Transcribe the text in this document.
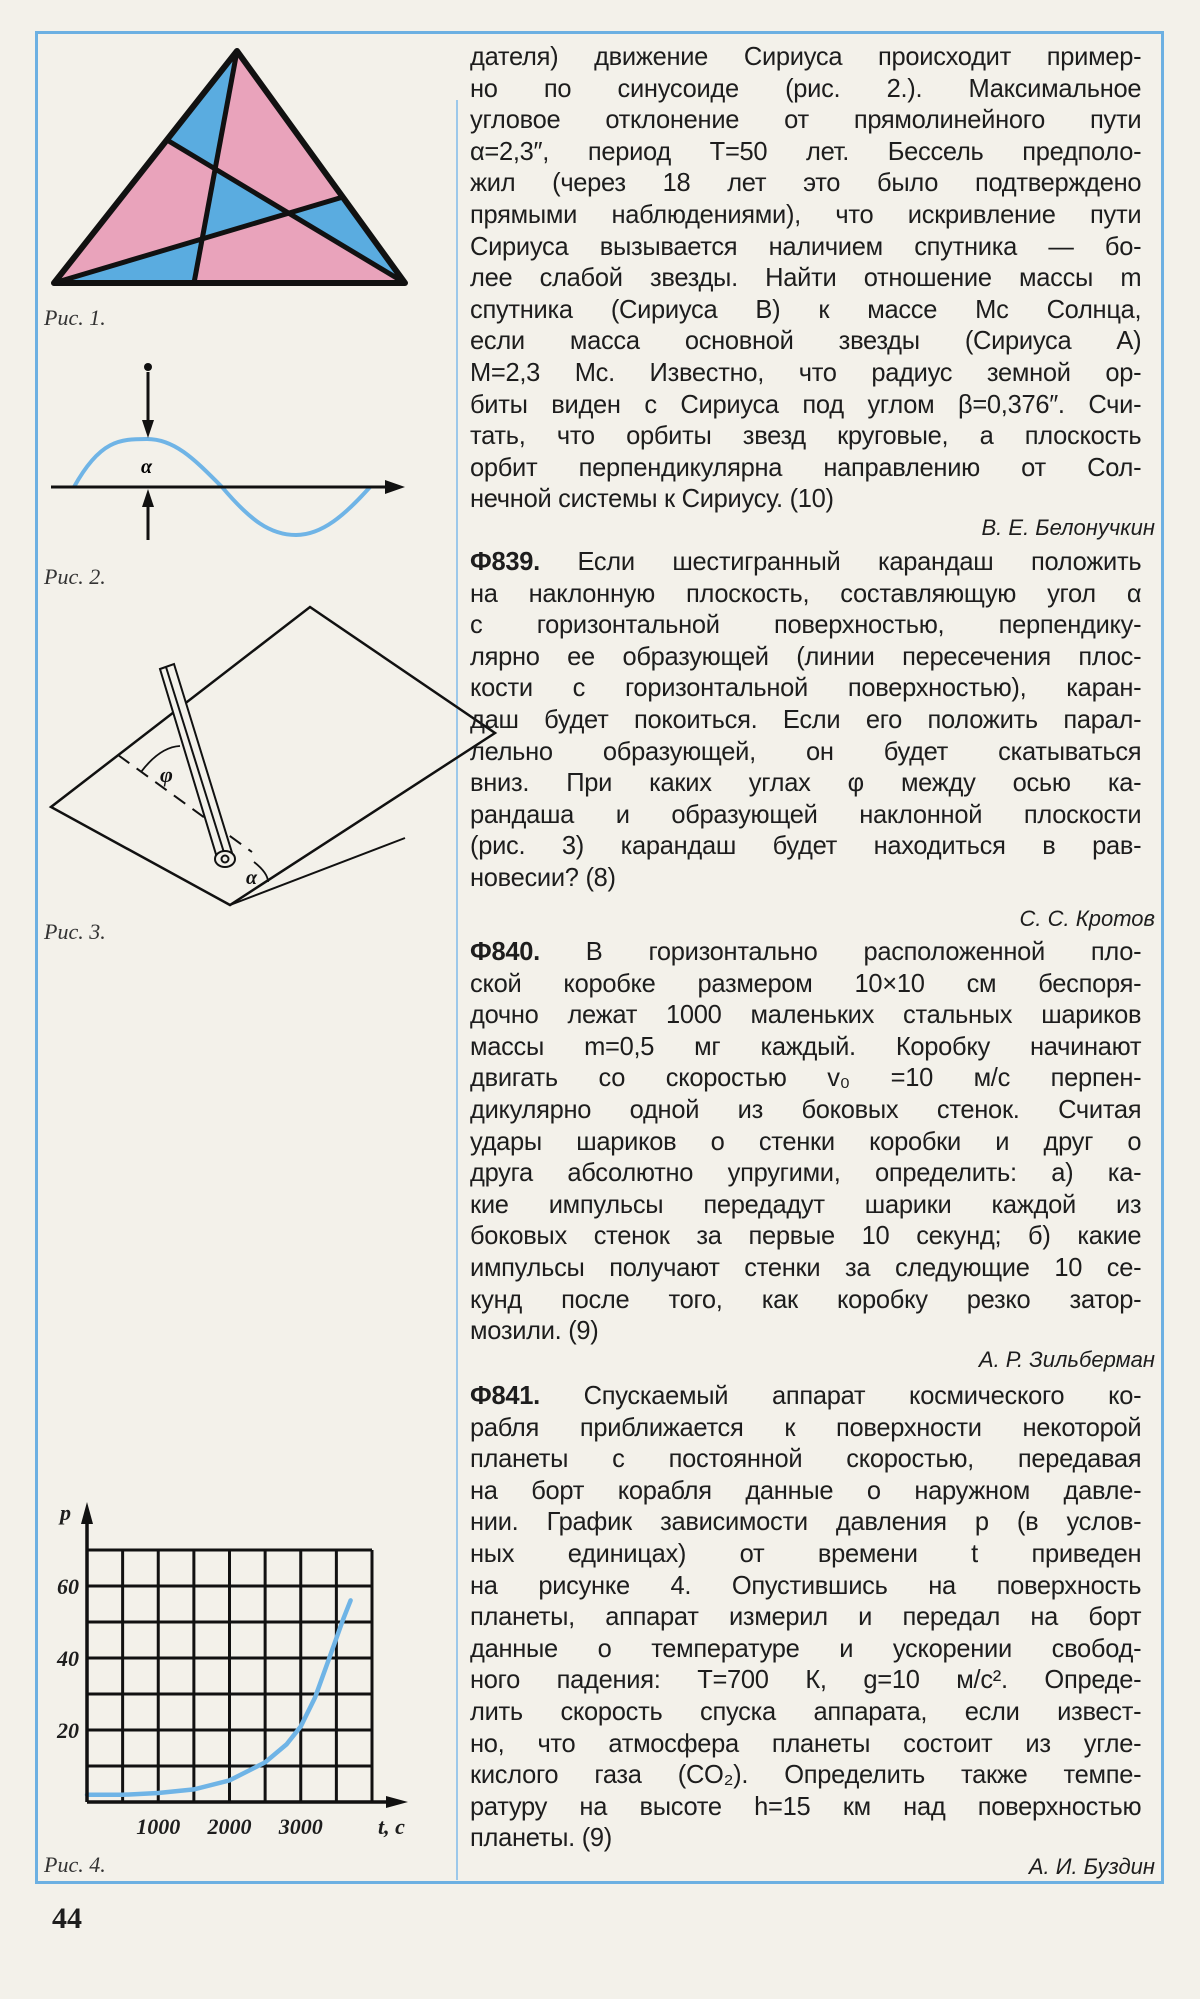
α
φ
α
p
t, c
1000 2000 3000
20
40
60
Рис. 1.
Рис. 2.
Рис. 3.
Рис. 4.
дателя) движение Сириуса происходит пример-
но по синусоиде (рис. 2.). Максимальное
угловое отклонение от прямолинейного пути
α=2,3″, период T=50 лет. Бессель предполо-
жил (через 18 лет это было подтверждено
прямыми наблюдениями), что искривление пути
Сириуса вызывается наличием спутника — бо-
лее слабой звезды. Найти отношение массы m
спутника (Сириуса B) к массе Mс Солнца,
если масса основной звезды (Сириуса A)
M=2,3 Mс. Известно, что радиус земной ор-
биты виден с Сириуса под углом β=0,376″. Счи-
тать, что орбиты звезд круговые, а плоскость
орбит перпендикулярна направлению от Сол-
нечной системы к Сириусу. (10)
В. Е. Белонучкин
Ф839. Если шестигранный карандаш положить
на наклонную плоскость, составляющую угол α
с горизонтальной поверхностью, перпендику-
лярно ее образующей (линии пересечения плос-
кости с горизонтальной поверхностью), каран-
даш будет покоиться. Если его положить парал-
лельно образующей, он будет скатываться
вниз. При каких углах φ между осью ка-
рандаша и образующей наклонной плоскости
(рис. 3) карандаш будет находиться в рав-
новесии? (8)
С. С. Кротов
Ф840. В горизонтально расположенной пло-
ской коробке размером 10×10 см беспоря-
дочно лежат 1000 маленьких стальных шариков
массы m=0,5 мг каждый. Коробку начинают
двигать со скоростью v₀ =10 м/с перпен-
дикулярно одной из боковых стенок. Считая
удары шариков о стенки коробки и друг о
друга абсолютно упругими, определить: а) ка-
кие импульсы передадут шарики каждой из
боковых стенок за первые 10 секунд; б) какие
импульсы получают стенки за следующие 10 се-
кунд после того, как коробку резко затор-
мозили. (9)
А. Р. Зильберман
Ф841. Спускаемый аппарат космического ко-
рабля приближается к поверхности некоторой
планеты с постоянной скоростью, передавая
на борт корабля данные о наружном давле-
нии. График зависимости давления p (в услов-
ных единицах) от времени t приведен
на рисунке 4. Опустившись на поверхность
планеты, аппарат измерил и передал на борт
данные о температуре и ускорении свобод-
ного падения: T=700 К, g=10 м/с². Опреде-
лить скорость спуска аппарата, если извест-
но, что атмосфера планеты состоит из угле-
кислого газа (CO₂). Определить также темпе-
ратуру на высоте h=15 км над поверхностью
планеты. (9)
А. И. Буздин
44
